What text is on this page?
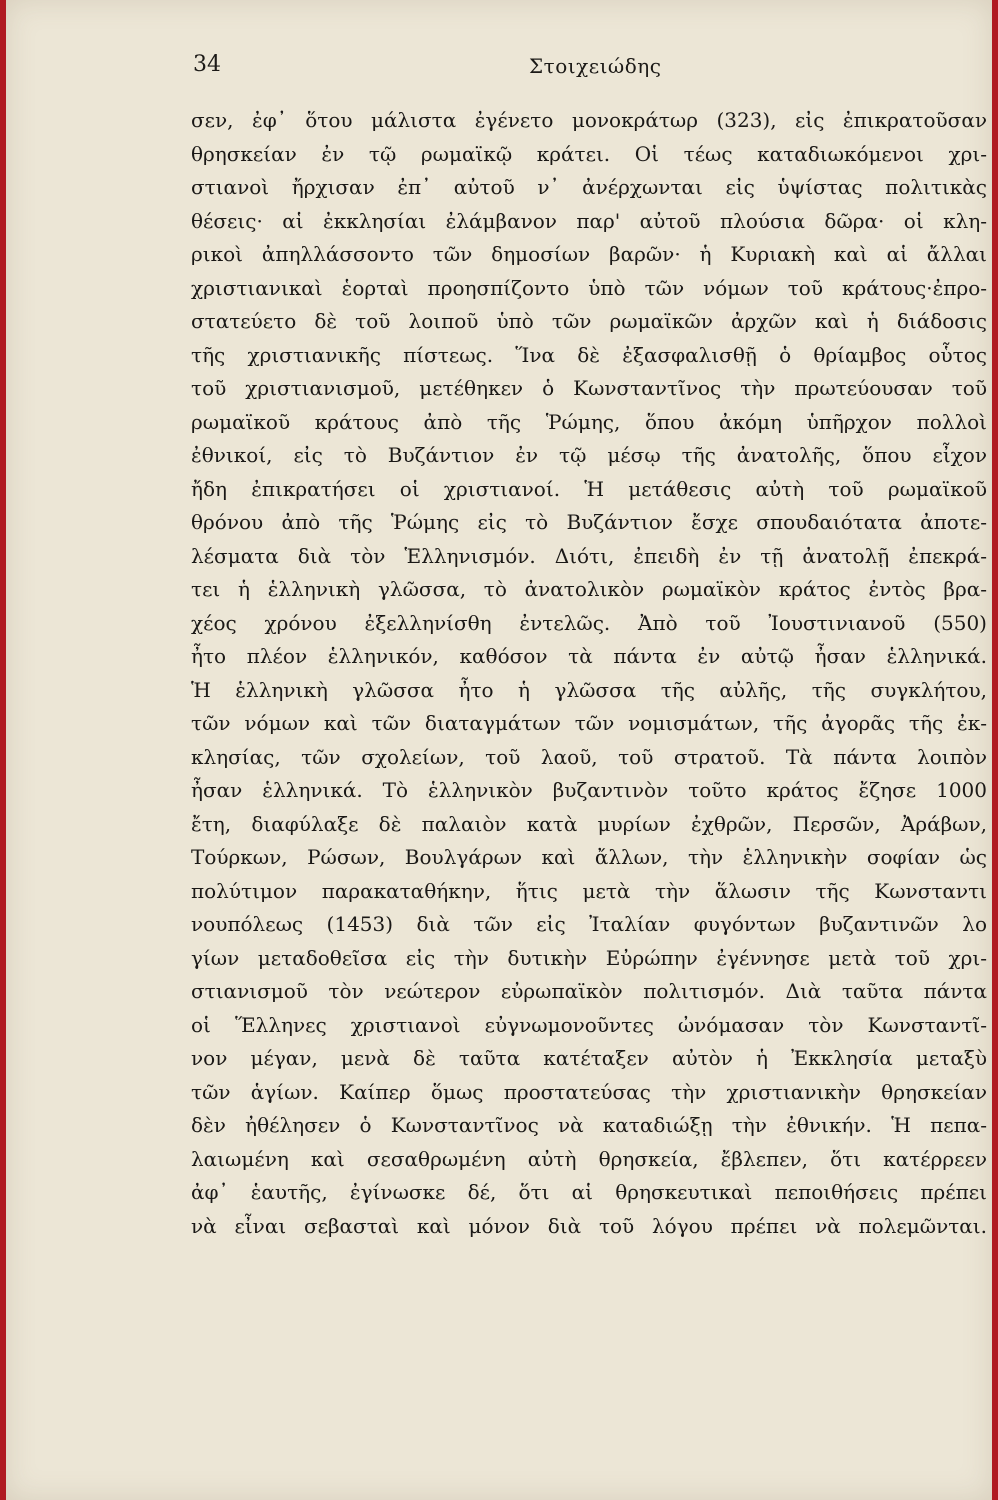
34	Στοιχειώδης
σεν, ἐφ᾽ ὅτου μάλιστα ἐγένετο μονοκράτωρ (323), εἰς ἐπικρατοῦσαν
θρησκείαν ἐν τῷ ρωμαϊκῷ κράτει. Οἱ τέως καταδιωκόμενοι χρι-
στιανοὶ ἤρχισαν ἐπ᾽ αὐτοῦ ν᾽ ἀνέρχωνται εἰς ὑψίστας πολιτικὰς
θέσεις· αἱ ἐκκλησίαι ἐλάμβανον παρ' αὐτοῦ πλούσια δῶρα· οἱ κλη-
ρικοὶ ἀπηλλάσσοντο τῶν δημοσίων βαρῶν· ἡ Κυριακὴ καὶ αἱ ἄλλαι
χριστιανικαὶ ἑορταὶ προησπίζοντο ὑπὸ τῶν νόμων τοῦ κράτους·ἐπρο-
στατεύετο δὲ τοῦ λοιποῦ ὑπὸ τῶν ρωμαϊκῶν ἀρχῶν καὶ ἡ διάδοσις
τῆς χριστιανικῆς πίστεως. Ἵνα δὲ ἐξασφαλισθῇ ὁ θρίαμβος οὗτος
τοῦ χριστιανισμοῦ, μετέθηκεν ὁ Κωνσταντῖνος τὴν πρωτεύουσαν τοῦ
ρωμαϊκοῦ κράτους ἀπὸ τῆς Ῥώμης, ὅπου ἀκόμη ὑπῆρχον πολλοὶ
ἐθνικοί, εἰς τὸ Βυζάντιον ἐν τῷ μέσῳ τῆς ἀνατολῆς, ὅπου εἶχον
ἤδη ἐπικρατήσει οἱ χριστιανοί. Ἡ μετάθεσις αὐτὴ τοῦ ρωμαϊκοῦ
θρόνου ἀπὸ τῆς Ῥώμης εἰς τὸ Βυζάντιον ἔσχε σπουδαιότατα ἀποτε-
λέσματα διὰ τὸν Ἑλληνισμόν. Διότι, ἐπειδὴ ἐν τῇ ἀνατολῇ ἐπεκρά-
τει ἡ ἑλληνικὴ γλῶσσα, τὸ ἀνατολικὸν ρωμαϊκὸν κράτος ἐντὸς βρα-
χέος χρόνου ἐξελληνίσθη ἐντελῶς. Ἀπὸ τοῦ Ἰουστινιανοῦ (550)
ἦτο πλέον ἑλληνικόν, καθόσον τὰ πάντα ἐν αὐτῷ ἦσαν ἑλληνικά.
Ἡ ἑλληνικὴ γλῶσσα ἦτο ἡ γλῶσσα τῆς αὐλῆς, τῆς συγκλήτου,
τῶν νόμων καὶ τῶν διαταγμάτων τῶν νομισμάτων, τῆς ἀγορᾶς τῆς ἐκ-
κλησίας, τῶν σχολείων, τοῦ λαοῦ, τοῦ στρατοῦ. Τὰ πάντα λοιπὸν
ἦσαν ἑλληνικά. Τὸ ἑλληνικὸν βυζαντινὸν τοῦτο κράτος ἔζησε 1000
ἔτη, διαφύλαξε δὲ παλαιὸν κατὰ μυρίων ἐχθρῶν, Περσῶν, Ἀράβων,
Τούρκων, Ρώσων, Βουλγάρων καὶ ἄλλων, τὴν ἑλληνικὴν σοφίαν ὡς
πολύτιμον παρακαταθήκην, ἥτις μετὰ τὴν ἅλωσιν τῆς Κωνσταντι
νουπόλεως (1453) διὰ τῶν εἰς Ἰταλίαν φυγόντων βυζαντινῶν λο
γίων μεταδοθεῖσα εἰς τὴν δυτικὴν Εὐρώπην ἐγέννησε μετὰ τοῦ χρι-
στιανισμοῦ τὸν νεώτερον εὐρωπαϊκὸν πολιτισμόν. Διὰ ταῦτα πάντα
οἱ Ἕλληνες χριστιανοὶ εὐγνωμονοῦντες ὠνόμασαν τὸν Κωνσταντῖ-
νον μέγαν, μενὰ δὲ ταῦτα κατέταξεν αὐτὸν ἡ Ἐκκλησία μεταξὺ
τῶν ἁγίων. Καίπερ ὅμως προστατεύσας τὴν χριστιανικὴν θρησκείαν
δὲν ἠθέλησεν ὁ Κωνσταντῖνος νὰ καταδιώξῃ τὴν ἐθνικήν. Ἡ πεπα-
λαιωμένη καὶ σεσαθρωμένη αὐτὴ θρησκεία, ἔβλεπεν, ὅτι κατέρρεεν
ἀφ᾽ ἑαυτῆς, ἐγίνωσκε δέ, ὅτι αἱ θρησκευτικαὶ πεποιθήσεις πρέπει
νὰ εἶναι σεβασταὶ καὶ μόνον διὰ τοῦ λόγου πρέπει νὰ πολεμῶνται.
